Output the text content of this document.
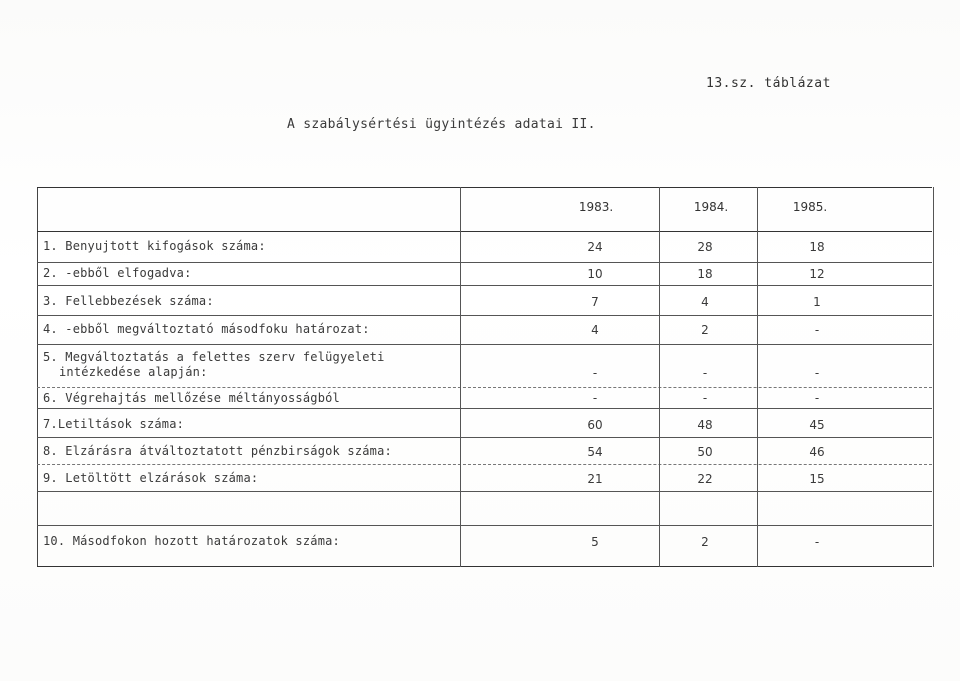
13.sz. táblázat
A szabálysértési ügyintézés adatai II.
1983.	1984.	1985.
1. Benyujtott kifogások száma:	24	28	18
2. -ebből elfogadva:	10	18	12
3. Fellebbezések száma:	7	4	1
4. -ebből megváltoztató másodfoku határozat:	4	2	-
5. Megváltoztatás a felettes szerv felügyeleti
intézkedése alapján:	-	-	-
6. Végrehajtás mellőzése méltányosságból	-	-	-
7.Letiltások száma:	60	48	45
8. Elzárásra átváltoztatott pénzbirságok száma:	54	50	46
9. Letöltött elzárások száma:	21	22	15
10. Másodfokon hozott határozatok száma:	5	2	-
